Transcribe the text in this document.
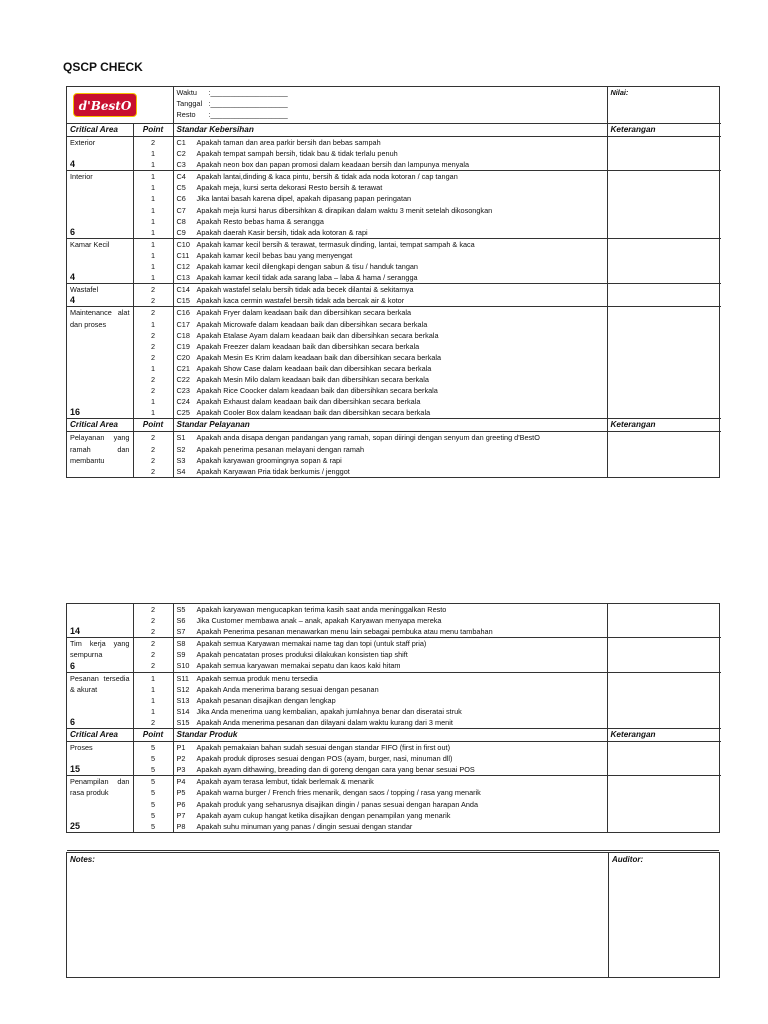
QSCP CHECK
d'BestO		Waktu :___________________
Tanggal :___________________
Resto :___________________	Nilai:
Critical Area	Point	Standar Kebersihan	Keterangan

Exterior
4	2	C1 Apakah taman dan area parkir bersih dan bebas sampah	
	1	C2 Apakah tempat sampah bersih, tidak bau & tidak terlalu penuh	
	1	C3 Apakah neon box dan papan promosi dalam keadaan bersih dan lampunya menyala	

Interior
6	1	C4 Apakah lantai,dinding & kaca pintu, bersih & tidak ada noda kotoran / cap tangan	
	1	C5 Apakah meja, kursi serta dekorasi Resto bersih & terawat	
	1	C6 Jika lantai basah karena dipel, apakah dipasang papan peringatan	
	1	C7 Apakah meja kursi harus dibersihkan & dirapikan dalam waktu 3 menit setelah dikosongkan	
	1	C8 Apakah Resto bebas hama & serangga	
	1	C9 Apakah daerah Kasir bersih, tidak ada kotoran & rapi	

Kamar Kecil
4	1	C10 Apakah kamar kecil bersih & terawat, termasuk dinding, lantai, tempat sampah & kaca	
	1	C11 Apakah kamar kecil bebas bau yang menyengat	
	1	C12 Apakah kamar kecil dilengkapi dengan sabun & tisu / handuk tangan	
	1	C13 Apakah kamar kecil tidak ada sarang laba – laba & hama / serangga	

Wastafel
4	2	C14 Apakah wastafel selalu bersih tidak ada becek dilantai & sekitarnya	
	2	C15 Apakah kaca cermin wastafel bersih tidak ada bercak air & kotor	

Maintenance alat dan proses
16	2	C16 Apakah Fryer dalam keadaan baik dan dibersihkan secara berkala	
	1	C17 Apakah Microwafe dalam keadaan baik dan dibersihkan secara berkala	
	2	C18 Apakah Etalase Ayam dalam keadaan baik dan dibersihkan secara berkala	
	2	C19 Apakah Freezer dalam keadaan baik dan dibersihkan secara berkala	
	2	C20 Apakah Mesin Es Krim dalam keadaan baik dan dibersihkan secara berkala	
	1	C21 Apakah Show Case dalam keadaan baik dan dibersihkan secara berkala	
	2	C22 Apakah Mesin Milo dalam keadaan baik dan dibersihkan secara berkala	
	2	C23 Apakah Rice Coocker dalam keadaan baik dan dibersihkan secara berkala	
	1	C24 Apakah Exhaust dalam keadaan baik dan dibersihkan secara berkala	
	1	C25 Apakah Cooler Box dalam keadaan baik dan dibersihkan secara berkala	
Critical Area	Point	Standar Pelayanan	Keterangan

Pelayanan yang ramah dan membantu	2	S1 Apakah anda disapa dengan pandangan yang ramah, sopan diiringi dengan senyum dan greeting d'BestO	
	2	S2 Apakah penerima pesanan melayani dengan ramah	
	2	S3 Apakah karyawan groomingnya sopan & rapi	
	2	S4 Apakah Karyawan Pria tidak berkumis / jenggot	
14	2	S5 Apakah karyawan mengucapkan terima kasih saat anda meninggalkan Resto	
	2	S6 Jika Customer membawa anak – anak, apakah Karyawan menyapa mereka	
	2	S7 Apakah Penerima pesanan menawarkan menu lain sebagai pembuka atau menu tambahan	

Tim kerja yang sempurna
6	2	S8 Apakah semua Karyawan memakai name tag dan topi (untuk staff pria)	
	2	S9 Apakah pencatatan proses produksi dilakukan konsisten tiap shift	
	2	S10 Apakah semua karyawan memakai sepatu dan kaos kaki hitam	

Pesanan tersedia & akurat
6	1	S11 Apakah semua produk menu tersedia	
	1	S12 Apakah Anda menerima barang sesuai dengan pesanan	
	1	S13 Apakah pesanan disajikan dengan lengkap	
	1	S14 Jika Anda menerima uang kembalian, apakah jumlahnya benar dan diseratai struk	
	2	S15 Apakah Anda menerima pesanan dan dilayani dalam waktu kurang dari 3 menit	
Critical Area	Point	Standar Produk	Keterangan

Proses
15	5	P1 Apakah pemakaian bahan sudah sesuai dengan standar FIFO (first in first out)	
	5	P2 Apakah produk diproses sesuai dengan POS (ayam, burger, nasi, minuman dll)	
	5	P3 Apakah ayam dithawing, breading dan di goreng dengan cara yang benar sesuai POS	

Penampilan dan rasa produk
25	5	P4 Apakah ayam terasa lembut, tidak berlemak & menarik	
	5	P5 Apakah warna burger / French fries menarik, dengan saos / topping / rasa yang menarik	
	5	P6 Apakah produk yang seharusnya disajikan dingin / panas sesuai dengan harapan Anda	
	5	P7 Apakah ayam cukup hangat ketika disajikan dengan penampilan yang menarik	
	5	P8 Apakah suhu minuman yang panas / dingin sesuai dengan standar	
Notes:	Auditor:
